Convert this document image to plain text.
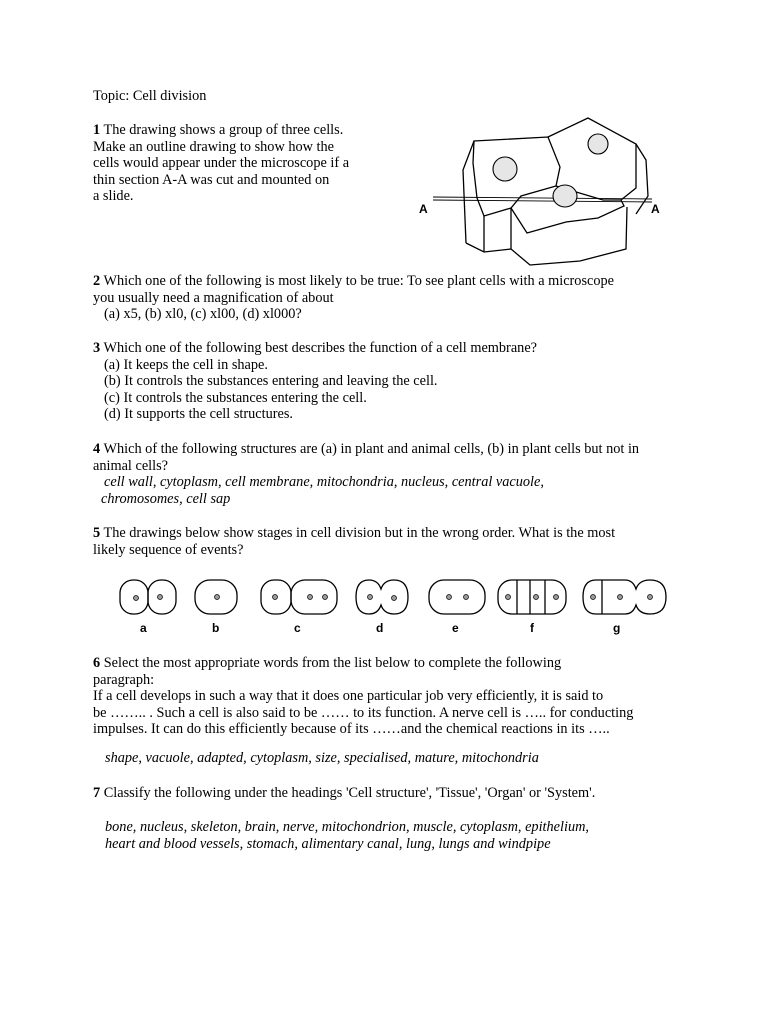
Topic: Cell division

1 The drawing shows a group of three cells.

Make an outline drawing to show how the

cells would appear under the microscope if a

thin section A-A was cut and mounted on

a slide.

A	A

2 Which one of the following is most likely to be true: To see plant cells with a microscope

you usually need a magnification of about

(a) x5, (b) xl0, (c) xl00, (d) xl000?

3 Which one of the following best describes the function of a cell membrane?

(a) It keeps the cell in shape.

(b) It controls the substances entering and leaving the cell.

(c) It controls the substances entering the cell.

(d) It supports the cell structures.

4 Which of the following structures are (a) in plant and animal cells, (b) in plant cells but not in

animal cells?

cell wall, cytoplasm, cell membrane, mitochondria, nucleus, central vacuole,

chromosomes, cell sap

5 The drawings below show stages in cell division but in the wrong order. What is the most

likely sequence of events?

a	b	c	d	e	f	g

6 Select the most appropriate words from the list below to complete the following

paragraph:

If a cell develops in such a way that it does one particular job very efficiently, it is said to

be …….. . Such a cell is also said to be …… to its function. A nerve cell is ….. for conducting

impulses. It can do this efficiently because of its ……and the chemical reactions in its …..

shape, vacuole, adapted, cytoplasm, size, specialised, mature, mitochondria

7 Classify the following under the headings 'Cell structure', 'Tissue', 'Organ' or 'System'.

bone, nucleus, skeleton, brain, nerve, mitochondrion, muscle, cytoplasm, epithelium,

heart and blood vessels, stomach, alimentary canal, lung, lungs and windpipe
